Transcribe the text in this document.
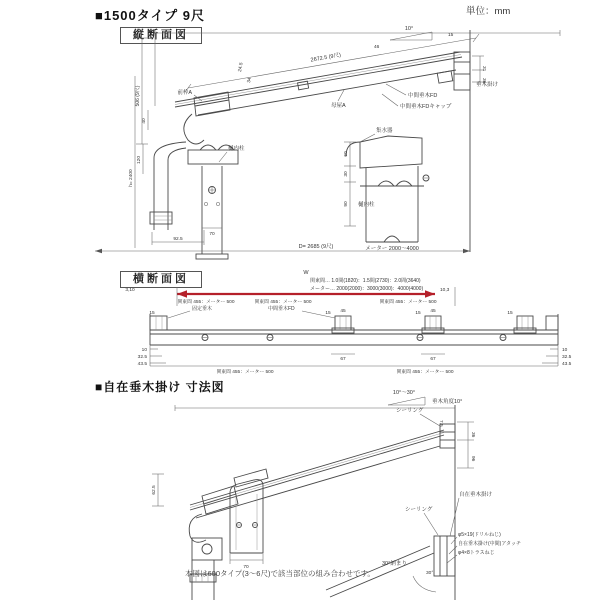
■1500タイプ 9尺	単位：mm
縦断面図
横断面図
■自在垂木掛け 寸法図
本図は600タイプ(3～6尺)で該当部位の組み合わせです。
10°
2672.5 (9尺)
24.5
34
前枠A
母屋A
中間垂木FD
中間垂木FDキャップ
樋内柱
垂木掛け
15
46
31
36
506 (9尺)
40
120
h= 2400
60
30
90
集水器
樋内柱
メーター 2000～4000
92.5
70
D= 2685 (9尺)
W
関東間… 1.0間(1820)：1.5間(2730)：2.0間(3640)
メーター… 2000(2000)：3000(3000)：4000(4000)
3,10	10,3
関東間 455：メーター 500	関東間 455：メーター 500	関東間 455：メーター 500
45	45
15	15	15	15
固定垂木	中間垂木FD
10
32.5
43.5
10
32.5
43.5
67	67
関東間 455：メーター 500	関東間 455：メーター 500
10°～30°
垂木角度10°
シーリング
7.5
36
96
62.5
70
シーリング
自在垂木掛け
φ5×19(ドリルねじ)
自在垂木掛け(中間)アタッチ
φ4×8トラスねじ
30°納まり
30°
